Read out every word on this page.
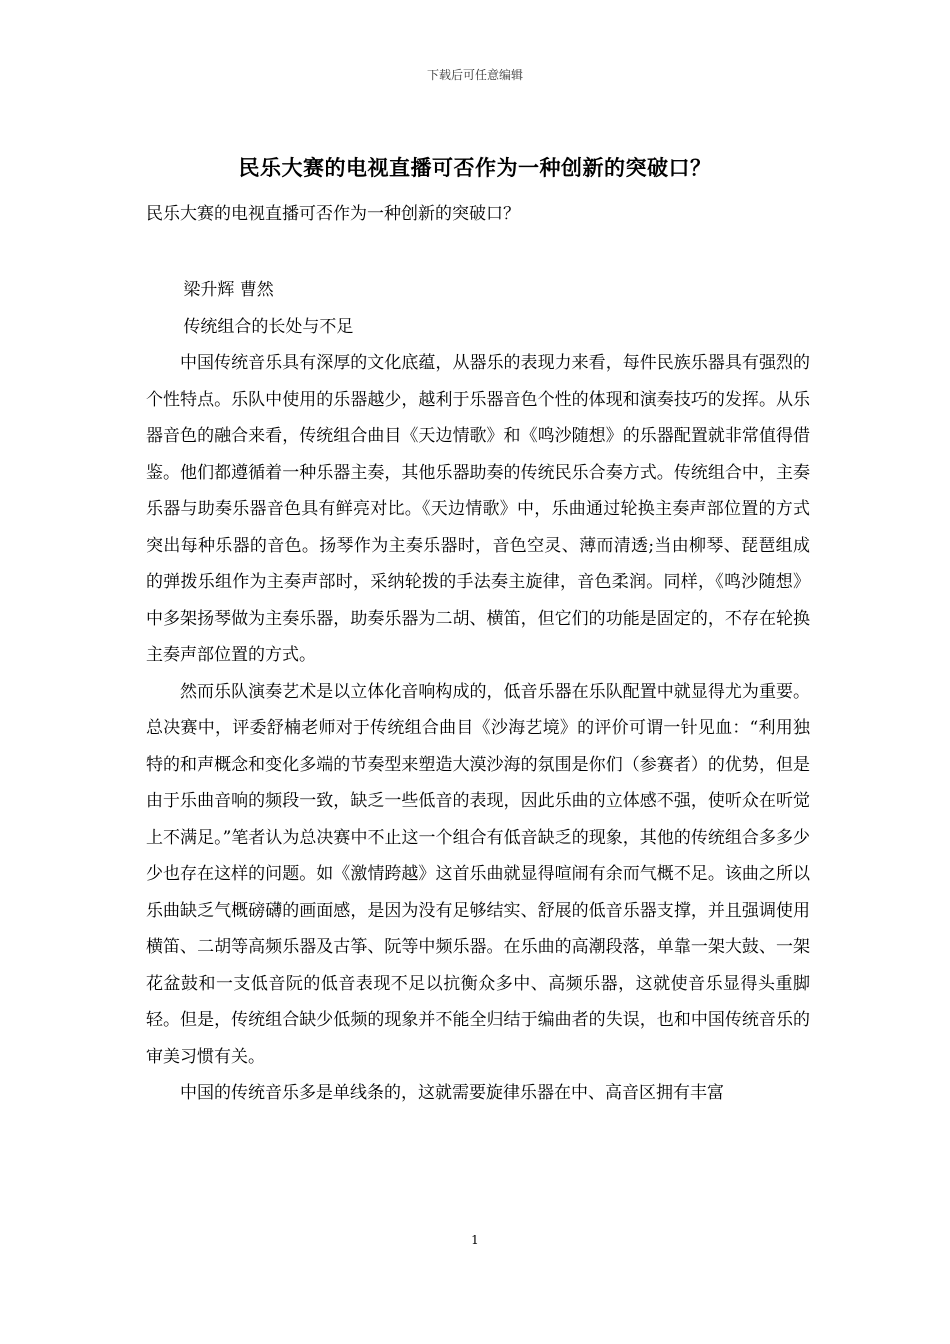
下载后可任意编辑
民乐大赛的电视直播可否作为一种创新的突破口？
民乐大赛的电视直播可否作为一种创新的突破口？

梁升辉 曹然

传统组合的长处与不足

中国传统音乐具有深厚的文化底蕴，从器乐的表现力来看，每件民族乐器具有强烈的个性特点。乐队中使用的乐器越少，越利于乐器音色个性的体现和演奏技巧的发挥。从乐器音色的融合来看，传统组合曲目《天边情歌》和《鸣沙随想》的乐器配置就非常值得借鉴。他们都遵循着一种乐器主奏，其他乐器助奏的传统民乐合奏方式。传统组合中，主奏乐器与助奏乐器音色具有鲜亮对比。《天边情歌》中，乐曲通过轮换主奏声部位置的方式突出每种乐器的音色。扬琴作为主奏乐器时，音色空灵、薄而清透;当由柳琴、琵琶组成的弹拨乐组作为主奏声部时，采纳轮拨的手法奏主旋律，音色柔润。同样，《鸣沙随想》中多架扬琴做为主奏乐器，助奏乐器为二胡、横笛，但它们的功能是固定的，不存在轮换主奏声部位置的方式。

然而乐队演奏艺术是以立体化音响构成的，低音乐器在乐队配置中就显得尤为重要。总决赛中，评委舒楠老师对于传统组合曲目《沙海艺境》的评价可谓一针见血：“利用独特的和声概念和变化多端的节奏型来塑造大漠沙海的氛围是你们（参赛者）的优势，但是由于乐曲音响的频段一致，缺乏一些低音的表现，因此乐曲的立体感不强，使听众在听觉上不满足。”笔者认为总决赛中不止这一个组合有低音缺乏的现象，其他的传统组合多多少少也存在这样的问题。如《激情跨越》这首乐曲就显得喧闹有余而气概不足。该曲之所以乐曲缺乏气概磅礴的画面感，是因为没有足够结实、舒展的低音乐器支撑，并且强调使用横笛、二胡等高频乐器及古筝、阮等中频乐器。在乐曲的高潮段落，单靠一架大鼓、一架花盆鼓和一支低音阮的低音表现不足以抗衡众多中、高频乐器，这就使音乐显得头重脚轻。但是，传统组合缺少低频的现象并不能全归结于编曲者的失误，也和中国传统音乐的审美习惯有关。

中国的传统音乐多是单线条的，这就需要旋律乐器在中、高音区拥有丰富

1
